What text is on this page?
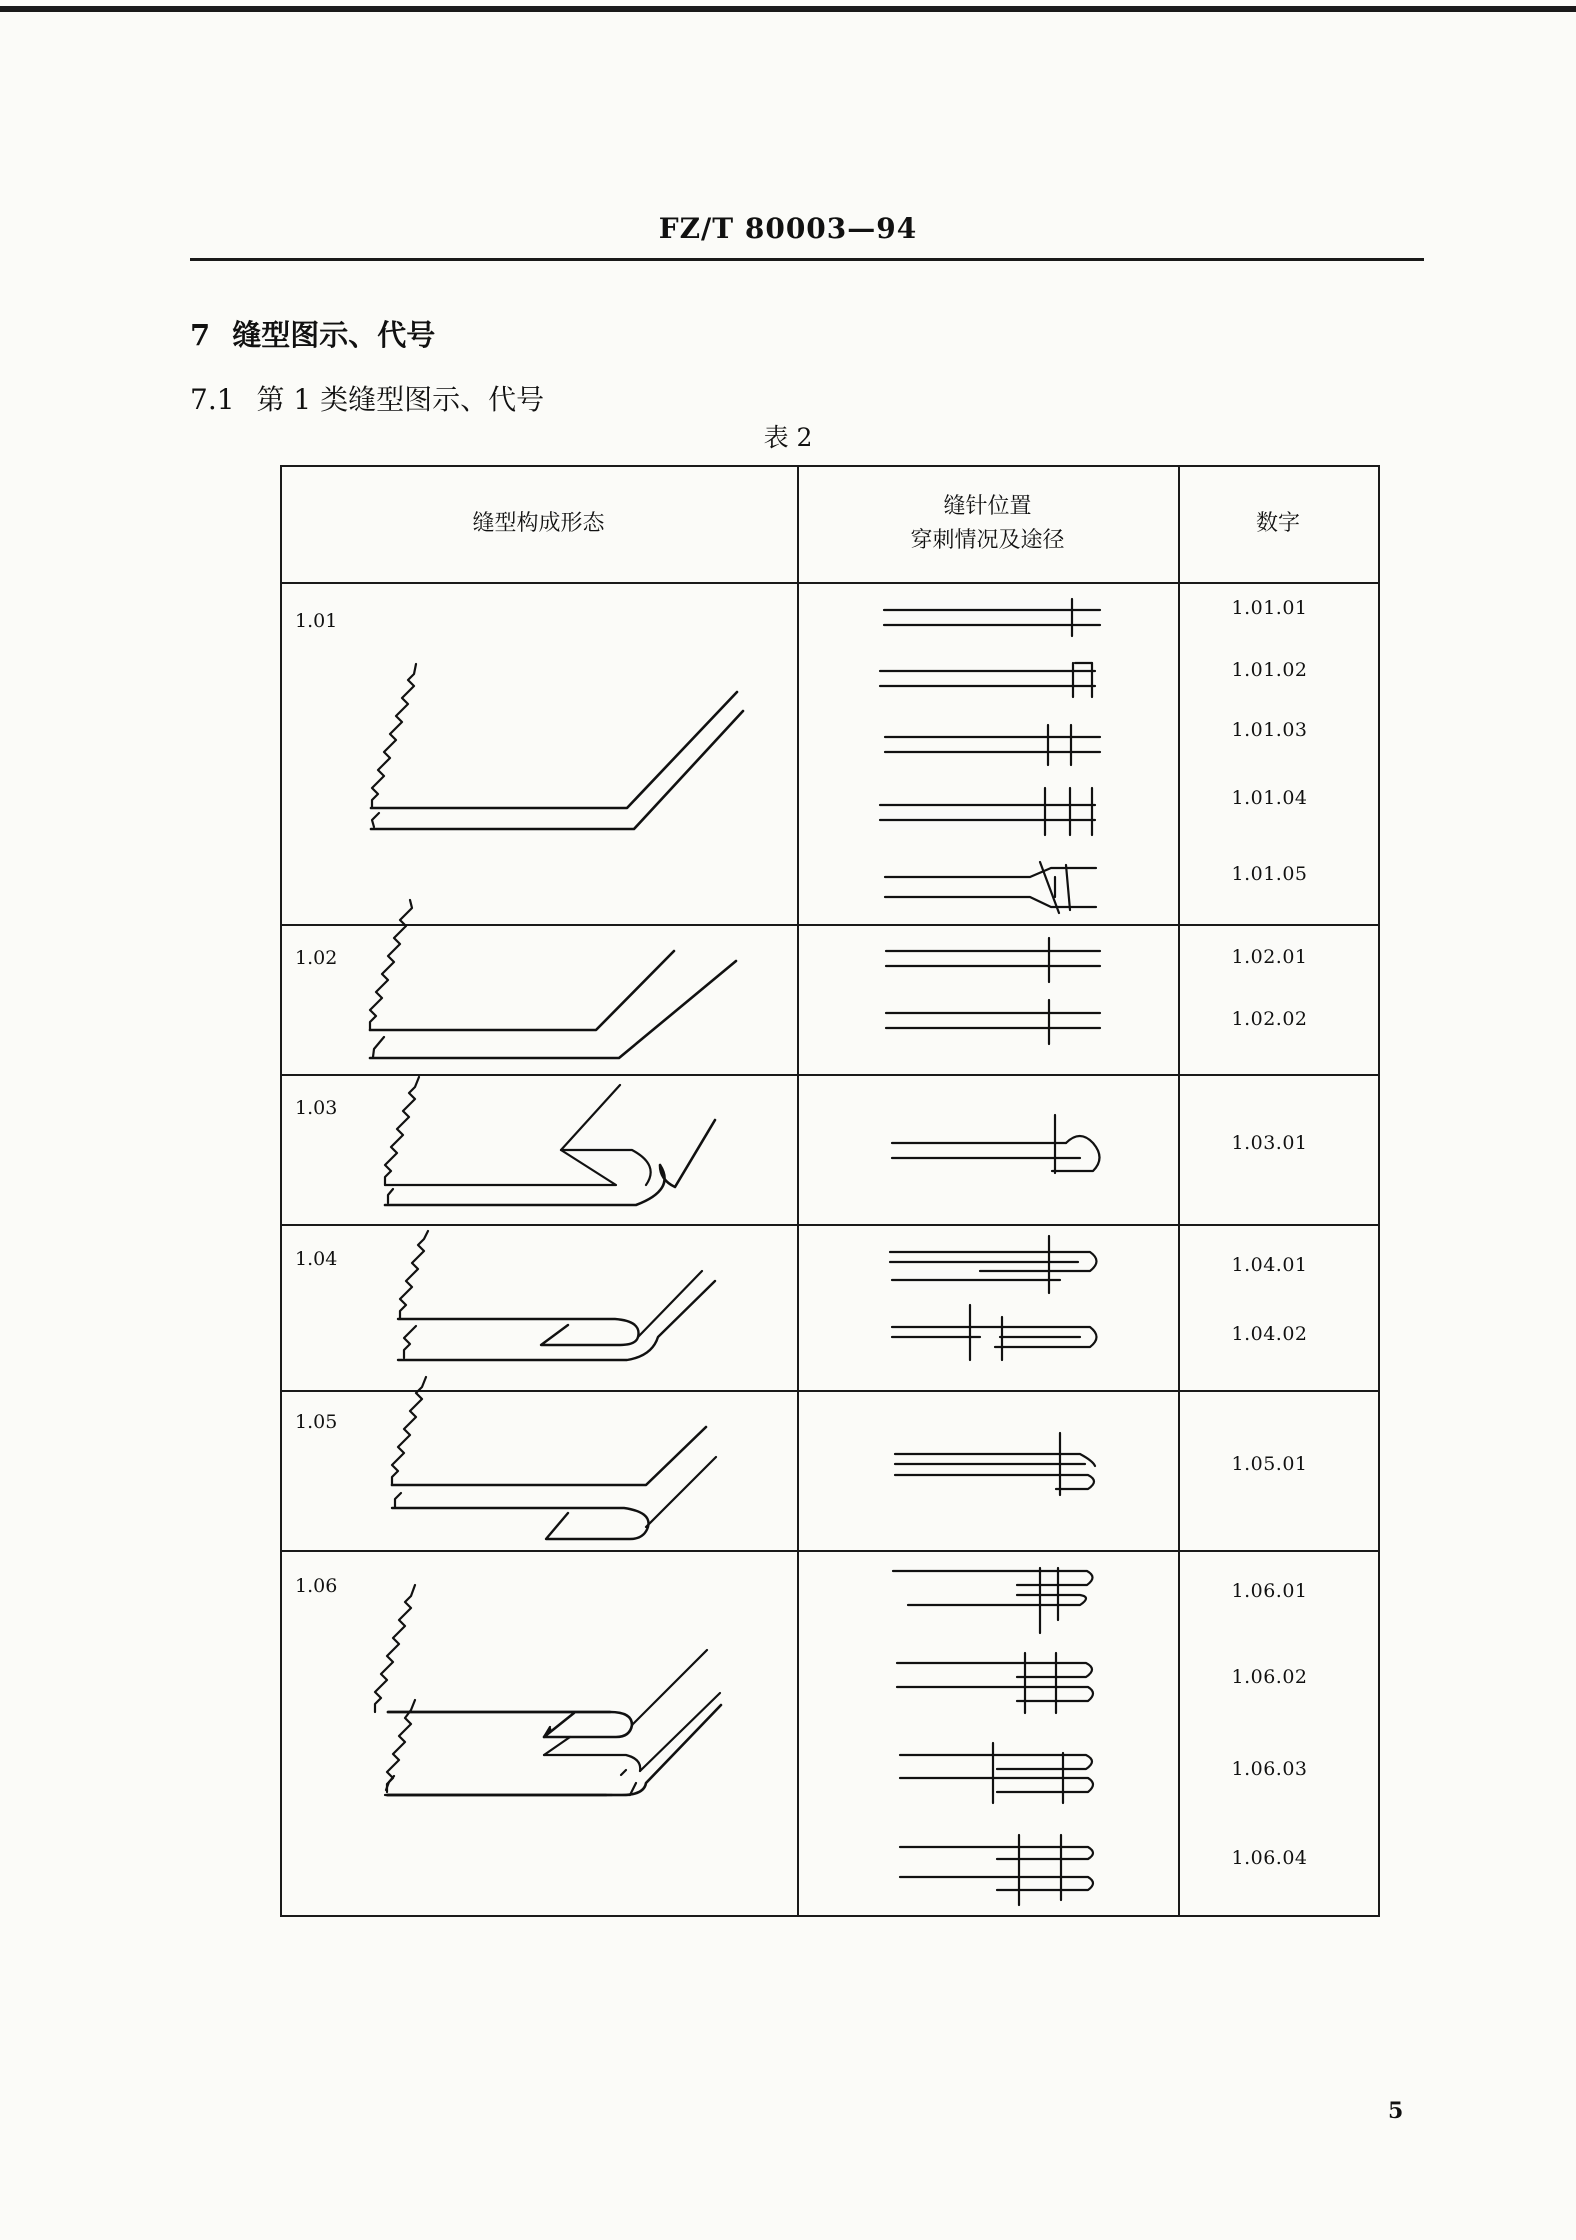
FZ/T 80003—94
7 缝型图示、代号
7.1 第 1 类缝型图示、代号
表 2
缝型构成形态
缝针位置
穿刺情况及途径
数字
1.01
1.02
1.03
1.04
1.05
1.06
1.01.01
1.01.02
1.01.03
1.01.04
1.01.05
1.02.01
1.02.02
1.03.01
1.04.01
1.04.02
1.05.01
1.06.01
1.06.02
1.06.03
1.06.04
5
